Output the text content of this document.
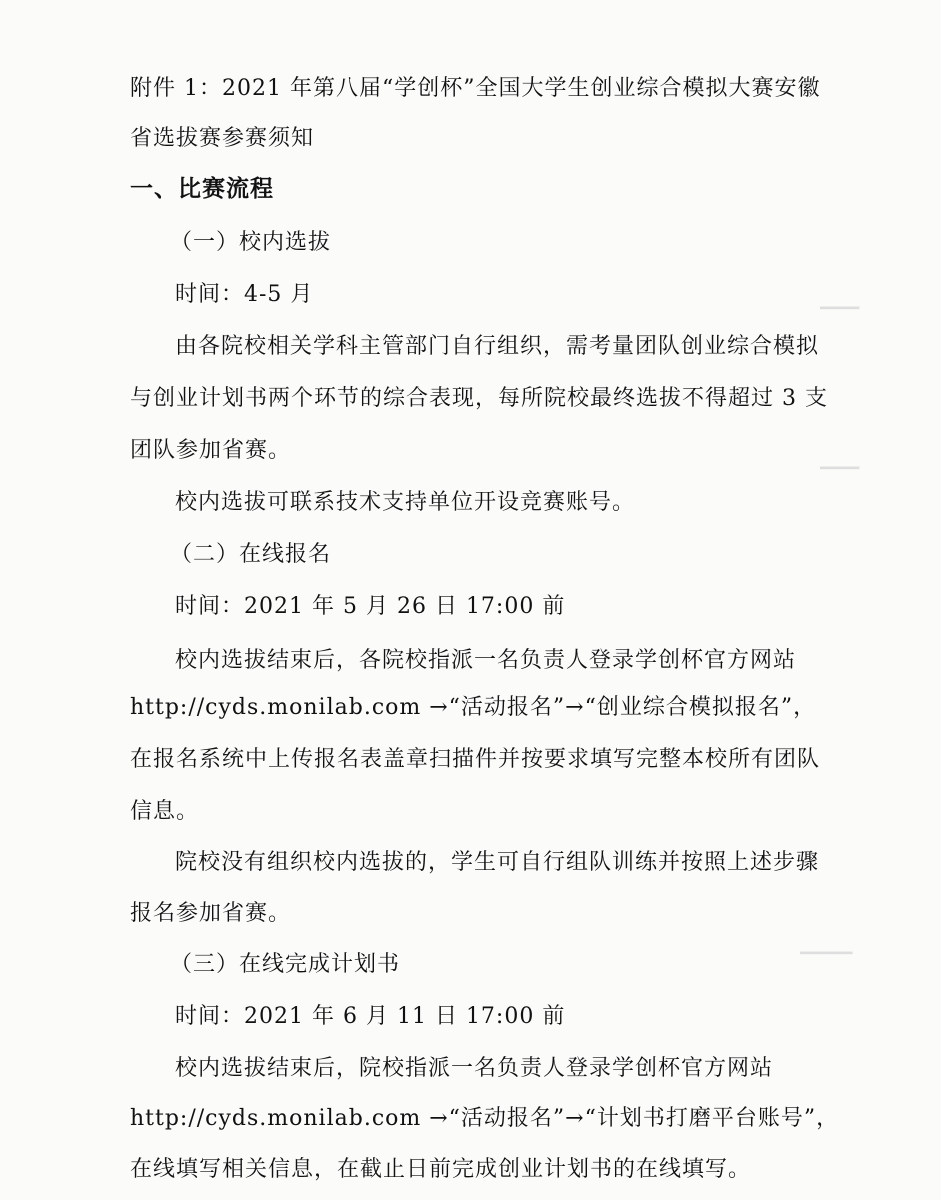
▁▁▁
▁▁▁
▁▁▁▁
附件 1：2021 年第八届“学创杯”全国大学生创业综合模拟大赛安徽
省选拔赛参赛须知
一、比赛流程
（一）校内选拔
时间：4-5 月
由各院校相关学科主管部门自行组织，需考量团队创业综合模拟
与创业计划书两个环节的综合表现，每所院校最终选拔不得超过 3 支
团队参加省赛。
校内选拔可联系技术支持单位开设竞赛账号。
（二）在线报名
时间：2021 年 5 月 26 日 17:00 前
校内选拔结束后，各院校指派一名负责人登录学创杯官方网站
http://cyds.monilab.com →“活动报名”→“创业综合模拟报名”，
在报名系统中上传报名表盖章扫描件并按要求填写完整本校所有团队
信息。
院校没有组织校内选拔的，学生可自行组队训练并按照上述步骤
报名参加省赛。
（三）在线完成计划书
时间：2021 年 6 月 11 日 17:00 前
校内选拔结束后，院校指派一名负责人登录学创杯官方网站
http://cyds.monilab.com →“活动报名”→“计划书打磨平台账号”，
在线填写相关信息，在截止日前完成创业计划书的在线填写。
